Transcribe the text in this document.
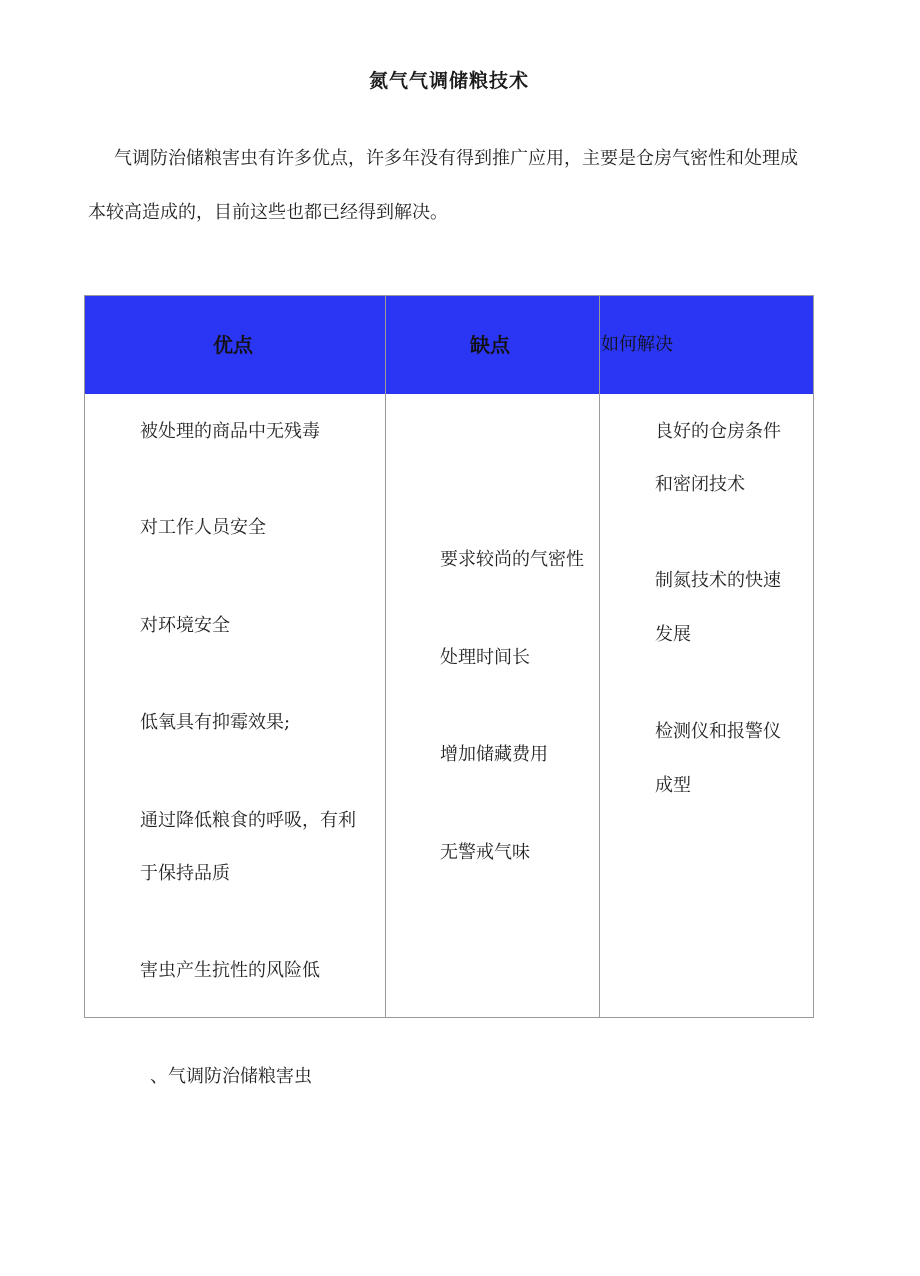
氮气气调储粮技术
气调防治储粮害虫有许多优点，许多年没有得到推广应用，主要是仓房气密性和处理成本较高造成的，目前这些也都已经得到解决。
优点	缺点	如何解决
被处理的商品中无残毒
对工作人员安全
对环境安全
低氧具有抑霉效果;
通过降低粮食的呼吸，有利
于保持品质
害虫产生抗性的风险低
要求较尚的气密性
处理时间长
增加储藏费用
无警戒气味
良好的仓房条件
和密闭技术
制氮技术的快速
发展
检测仪和报警仪
成型
、气调防治储粮害虫
